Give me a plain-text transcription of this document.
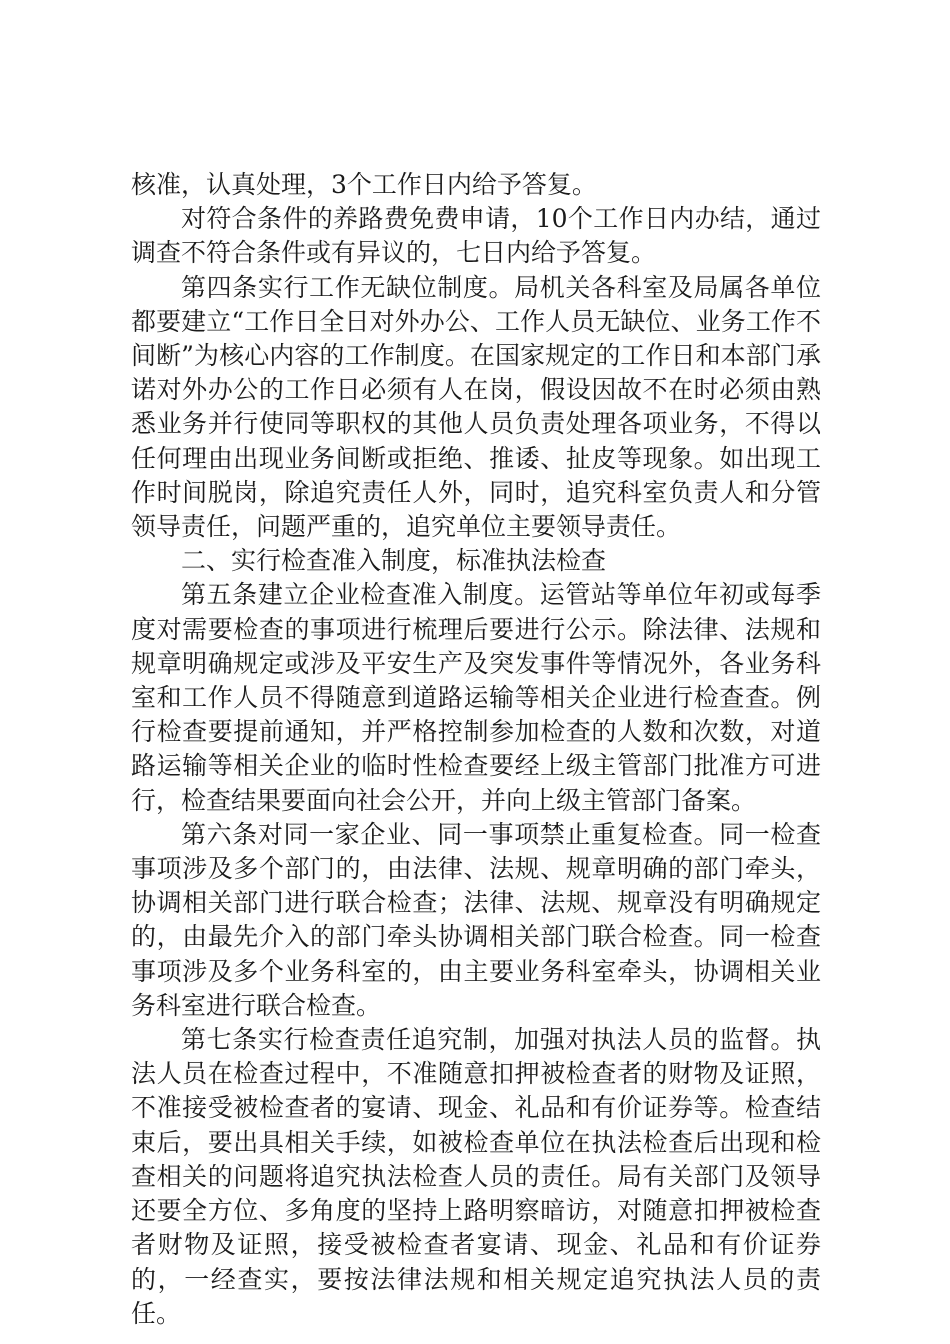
核准，认真处理，3个工作日内给予答复。

对符合条件的养路费免费申请，10个工作日内办结，通过调查不符合条件或有异议的，七日内给予答复。

第四条实行工作无缺位制度。局机关各科室及局属各单位都要建立“工作日全日对外办公、工作人员无缺位、业务工作不间断”为核心内容的工作制度。在国家规定的工作日和本部门承诺对外办公的工作日必须有人在岗，假设因故不在时必须由熟悉业务并行使同等职权的其他人员负责处理各项业务，不得以任何理由出现业务间断或拒绝、推诿、扯皮等现象。如出现工作时间脱岗，除追究责任人外，同时，追究科室负责人和分管领导责任，问题严重的，追究单位主要领导责任。

二、实行检查准入制度，标准执法检查

第五条建立企业检查准入制度。运管站等单位年初或每季度对需要检查的事项进行梳理后要进行公示。除法律、法规和规章明确规定或涉及平安生产及突发事件等情况外，各业务科室和工作人员不得随意到道路运输等相关企业进行检查查。例行检查要提前通知，并严格控制参加检查的人数和次数，对道路运输等相关企业的临时性检查要经上级主管部门批准方可进行，检查结果要面向社会公开，并向上级主管部门备案。

第六条对同一家企业、同一事项禁止重复检查。同一检查事项涉及多个部门的，由法律、法规、规章明确的部门牵头，协调相关部门进行联合检查；法律、法规、规章没有明确规定的，由最先介入的部门牵头协调相关部门联合检查。同一检查事项涉及多个业务科室的，由主要业务科室牵头，协调相关业务科室进行联合检查。

第七条实行检查责任追究制，加强对执法人员的监督。执法人员在检查过程中，不准随意扣押被检查者的财物及证照，不准接受被检查者的宴请、现金、礼品和有价证券等。检查结束后，要出具相关手续，如被检查单位在执法检查后出现和检查相关的问题将追究执法检查人员的责任。局有关部门及领导还要全方位、多角度的坚持上路明察暗访，对随意扣押被检查者财物及证照，接受被检查者宴请、现金、礼品和有价证券的，一经查实，要按法律法规和相关规定追究执法人员的责任。
